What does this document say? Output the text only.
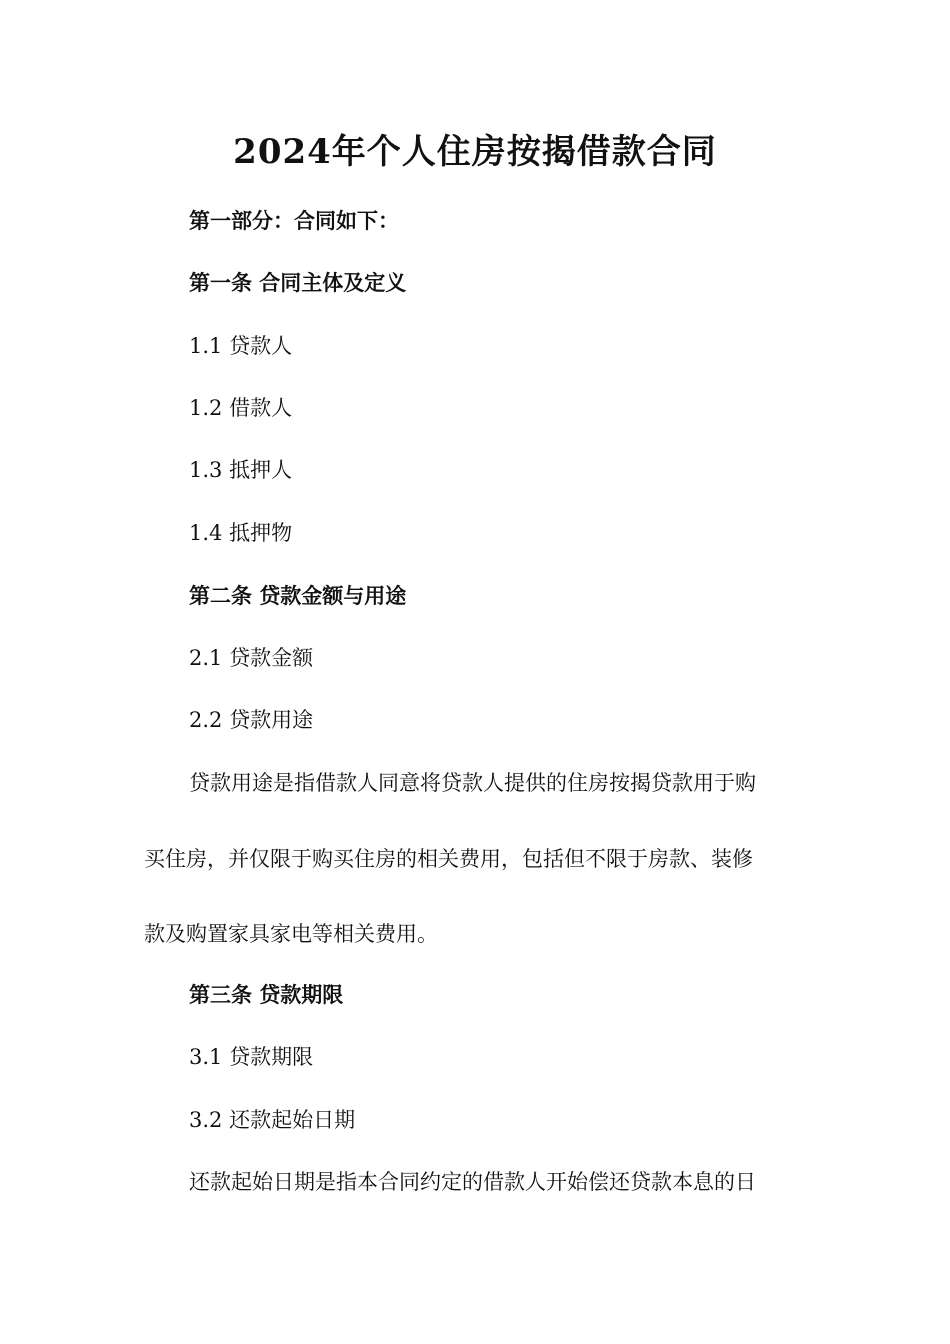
2024年个人住房按揭借款合同
第一部分：合同如下：
第一条 合同主体及定义
1.1 贷款人
1.2 借款人
1.3 抵押人
1.4 抵押物
第二条 贷款金额与用途
2.1 贷款金额
2.2 贷款用途
贷款用途是指借款人同意将贷款人提供的住房按揭贷款用于购
买住房，并仅限于购买住房的相关费用，包括但不限于房款、装修
款及购置家具家电等相关费用。
第三条 贷款期限
3.1 贷款期限
3.2 还款起始日期
还款起始日期是指本合同约定的借款人开始偿还贷款本息的日
